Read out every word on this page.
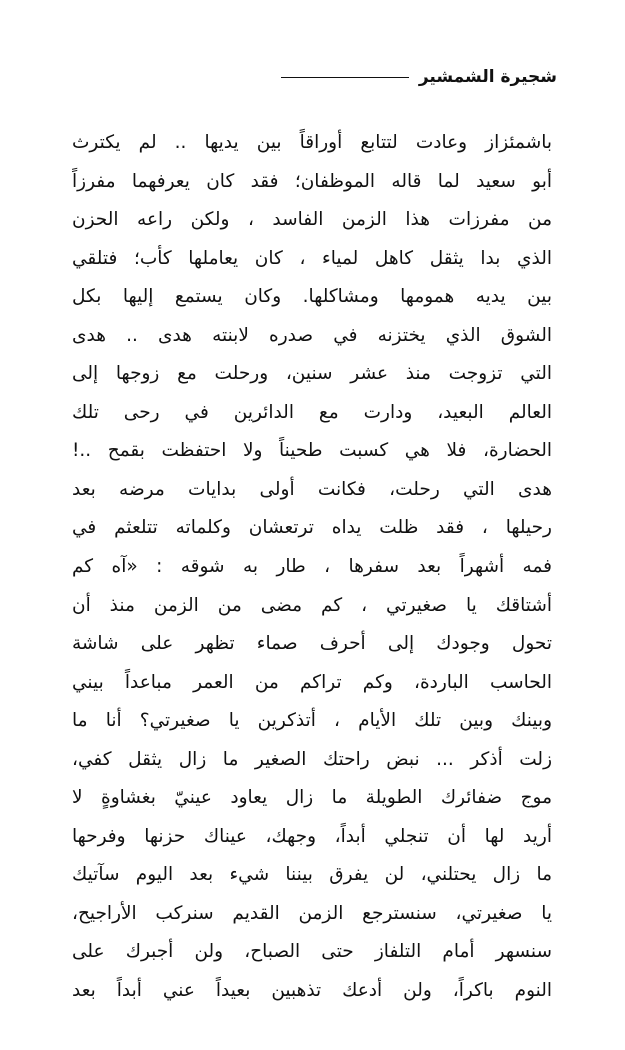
شجيرة الشمشير
باشمئزاز وعادت لتتابع أوراقاً بين يديها .. لم يكترث
أبو سعيد لما قاله الموظفان؛ فقد كان يعرفهما مفرزاً
من مفرزات هذا الزمن الفاسد ، ولكن راعه الحزن
الذي بدا يثقل كاهل لمياء ، كان يعاملها كأب؛ فتلقي
بين يديه همومها ومشاكلها. وكان يستمع إليها بكل
الشوق الذي يختزنه في صدره لابنته هدى .. هدى
التي تزوجت منذ عشر سنين، ورحلت مع زوجها إلى
العالم البعيد، ودارت مع الدائرين في رحى تلك
الحضارة، فلا هي كسبت طحيناً ولا احتفظت بقمح ..!
هدى التي رحلت، فكانت أولى بدايات مرضه بعد
رحيلها ، فقد ظلت يداه ترتعشان وكلماته تتلعثم في
فمه أشهراً بعد سفرها ، طار به شوقه : «آه كم
أشتاقك يا صغيرتي ، كم مضى من الزمن منذ أن
تحول وجودك إلى أحرف صماء تظهر على شاشة
الحاسب الباردة، وكم تراكم من العمر مباعداً بيني
وبينك وبين تلك الأيام ، أتذكرين يا صغيرتي؟ أنا ما
زلت أذكر ... نبض راحتك الصغير ما زال يثقل كفي،
موج ضفائرك الطويلة ما زال يعاود عينيّ بغشاوةٍ لا
أريد لها أن تنجلي أبداً، وجهك، عيناك حزنها وفرحها
ما زال يحتلني، لن يفرق بيننا شيء بعد اليوم سآتيك
يا صغيرتي، سنسترجع الزمن القديم سنركب الأراجيح،
سنسهر أمام التلفاز حتى الصباح، ولن أجبرك على
النوم باكراً، ولن أدعك تذهبين بعيداً عني أبداً بعد
